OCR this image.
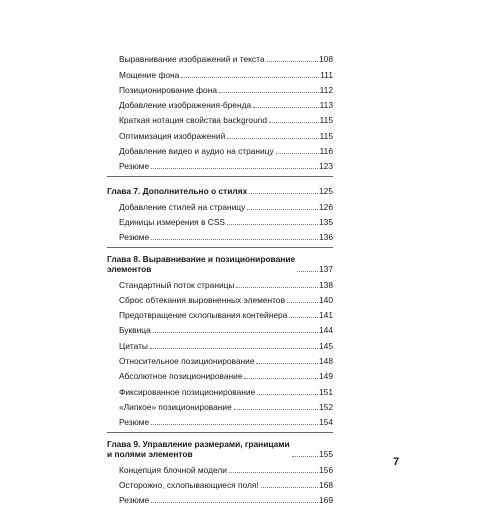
Выравнивание изображений и текста	108
Мощение фона	111
Позиционирование фона	112
Добавление изображения-бренда	113
Краткая нотация свойства background	115
Оптимизация изображений	115
Добавление видео и аудио на страницу	116
Резюме	123
Глава 7. Дополнительно о стилях	125
Добавление стилей на страницу	126
Единицы измерения в CSS	135
Резюме	136
Глава 8. Выравнивание и позиционирование
элементов	137
Стандартный поток страницы	138
Сброс обтекания выровненных элементов	140
Предотвращение схлопывания контейнера	141
Буквица	144
Цитаты	145
Относительное позиционирование	148
Абсолютное позиционирование	149
Фиксированное позиционирование	151
«Липкое» позиционирование	152
Резюме	154
Глава 9. Управление размерами, границами
и полями элементов	155
Концепция блочной модели	156
Осторожно, схлопывающиеся поля!	168
Резюме	169
7
